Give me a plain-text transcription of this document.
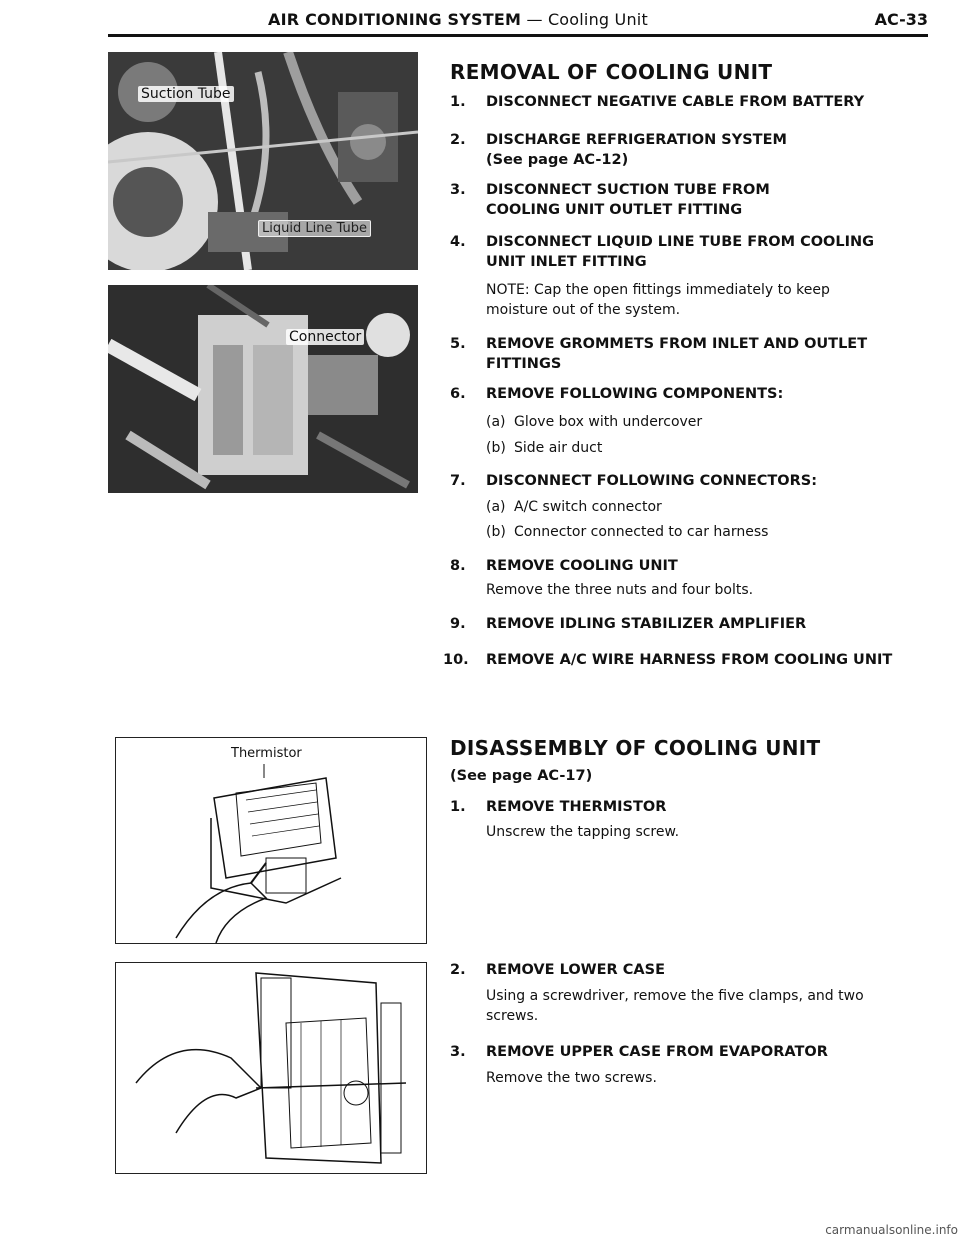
AIR CONDITIONING SYSTEM — Cooling Unit	AC-33
Suction Tube
Liquid Line Tube
Connector
Thermistor
REMOVAL OF COOLING UNIT
1. DISCONNECT NEGATIVE CABLE FROM BATTERY
2. DISCHARGE REFRIGERATION SYSTEM
(See page AC-12)
3. DISCONNECT SUCTION TUBE FROM
COOLING UNIT OUTLET FITTING
4. DISCONNECT LIQUID LINE TUBE FROM COOLING
UNIT INLET FITTING
NOTE: Cap the open fittings immediately to keep
moisture out of the system.
5. REMOVE GROMMETS FROM INLET AND OUTLET
FITTINGS
6. REMOVE FOLLOWING COMPONENTS:
(a) Glove box with undercover
(b) Side air duct
7. DISCONNECT FOLLOWING CONNECTORS:
(a) A/C switch connector
(b) Connector connected to car harness
8. REMOVE COOLING UNIT
Remove the three nuts and four bolts.
9. REMOVE IDLING STABILIZER AMPLIFIER
10. REMOVE A/C WIRE HARNESS FROM COOLING UNIT
DISASSEMBLY OF COOLING UNIT
(See page AC-17)
1. REMOVE THERMISTOR
Unscrew the tapping screw.
2. REMOVE LOWER CASE
Using a screwdriver, remove the five clamps, and two
screws.
3. REMOVE UPPER CASE FROM EVAPORATOR
Remove the two screws.
carmanualsonline.info
